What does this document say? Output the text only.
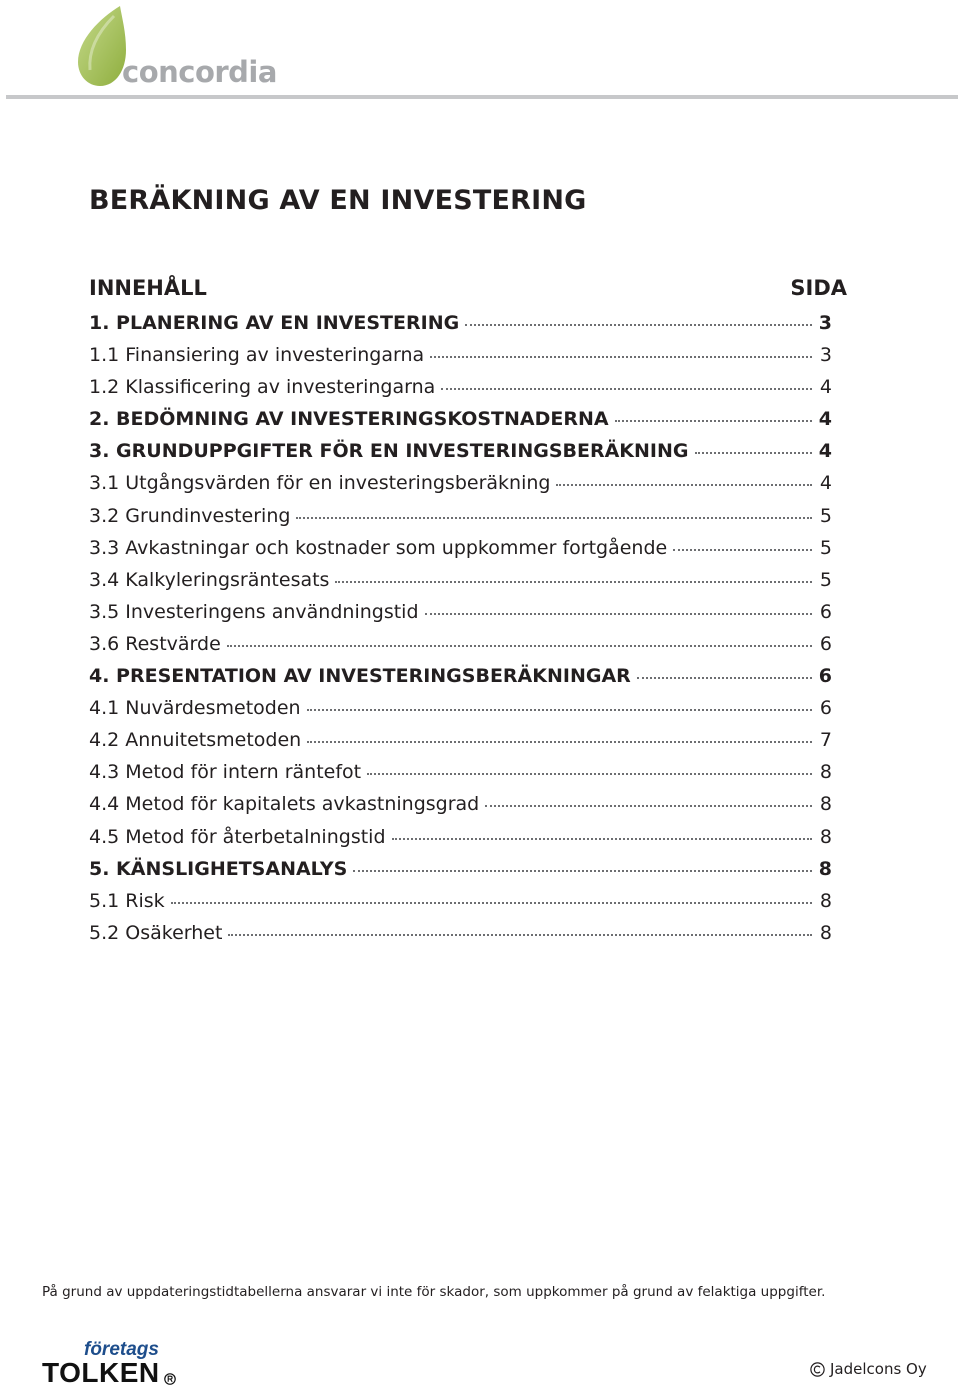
concordia
BERÄKNING AV EN INVESTERING
INNEHÅLL	SIDA
1. PLANERING AV EN INVESTERING	3
1.1 Finansiering av investeringarna	3
1.2 Klassificering av investeringarna	4
2. BEDÖMNING AV INVESTERINGSKOSTNADERNA	4
3. GRUNDUPPGIFTER FÖR EN INVESTERINGSBERÄKNING	4
3.1 Utgångsvärden för en investeringsberäkning	4
3.2 Grundinvestering	5
3.3 Avkastningar och kostnader som uppkommer fortgående	5
3.4 Kalkyleringsräntesats	5
3.5 Investeringens användningstid	6
3.6 Restvärde	6
4. PRESENTATION AV INVESTERINGSBERÄKNINGAR	6
4.1 Nuvärdesmetoden	6
4.2 Annuitetsmetoden	7
4.3 Metod för intern räntefot	8
4.4 Metod för kapitalets avkastningsgrad	8
4.5 Metod för återbetalningstid	8
5. KÄNSLIGHETSANALYS	8
5.1 Risk	8
5.2 Osäkerhet	8
På grund av uppdateringstidtabellerna ansvarar vi inte för skador, som uppkommer på grund av felaktiga uppgifter.
företags
TOLKEN	Jadelcons Oy
